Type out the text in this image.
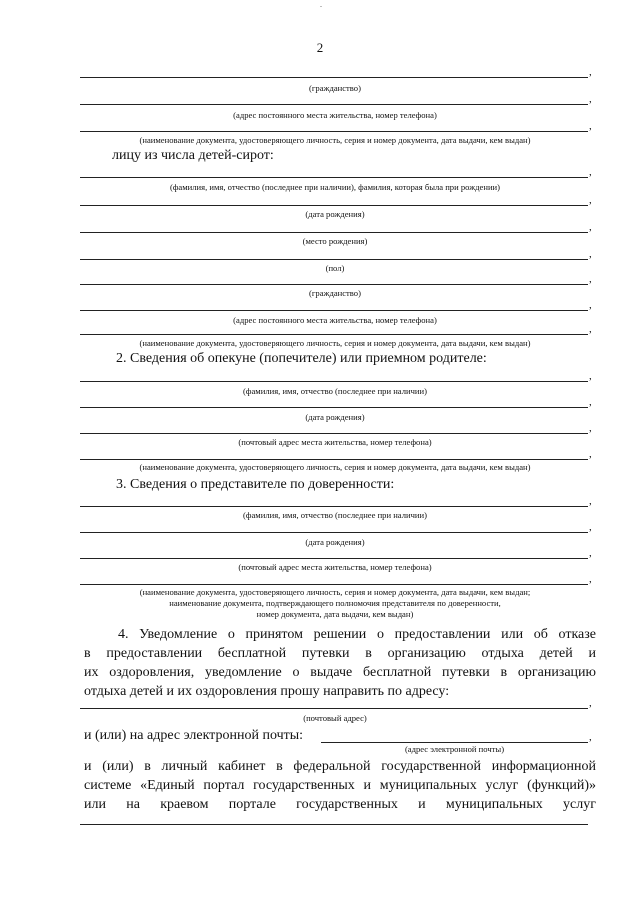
.
2
,
(гражданство)
,
(адрес постоянного места жительства, номер телефона)
,
(наименование документа, удостоверяющего личность, серия и номер документа, дата выдачи, кем выдан)
лицу из числа детей-сирот:
,
(фамилия, имя, отчество (последнее при наличии), фамилия, которая была при рождении)
,
(дата рождения)
,
(место рождения)
,
(пол)
,
(гражданство)
,
(адрес постоянного места жительства, номер телефона)
,
(наименование документа, удостоверяющего личность, серия и номер документа, дата выдачи, кем выдан)
2. Сведения об опекуне (попечителе) или приемном родителе:
,
(фамилия, имя, отчество (последнее при наличии)
,
(дата рождения)
,
(почтовый адрес места жительства, номер телефона)
,
(наименование документа, удостоверяющего личность, серия и номер документа, дата выдачи, кем выдан)
3. Сведения о представителе по доверенности:
,
(фамилия, имя, отчество (последнее при наличии)
,
(дата рождения)
,
(почтовый адрес места жительства, номер телефона)
,
(наименование документа, удостоверяющего личность, серия и номер документа, дата выдачи, кем выдан;
наименование документа, подтверждающего полномочия представителя по доверенности,
номер документа, дата выдачи, кем выдан)
4. Уведомление о принятом решении о предоставлении или об отказе
в предоставлении бесплатной путевки в организацию отдыха детей и
их оздоровления, уведомление о выдаче бесплатной путевки в организацию
отдыха детей и их оздоровления прошу направить по адресу:
,
(почтовый адрес)
и (или) на адрес электронной почты:	,
(адрес электронной почты)
и (или) в личный кабинет в федеральной государственной информационной
системе «Единый портал государственных и муниципальных услуг (функций)»
или на краевом портале государственных и муниципальных услуг
